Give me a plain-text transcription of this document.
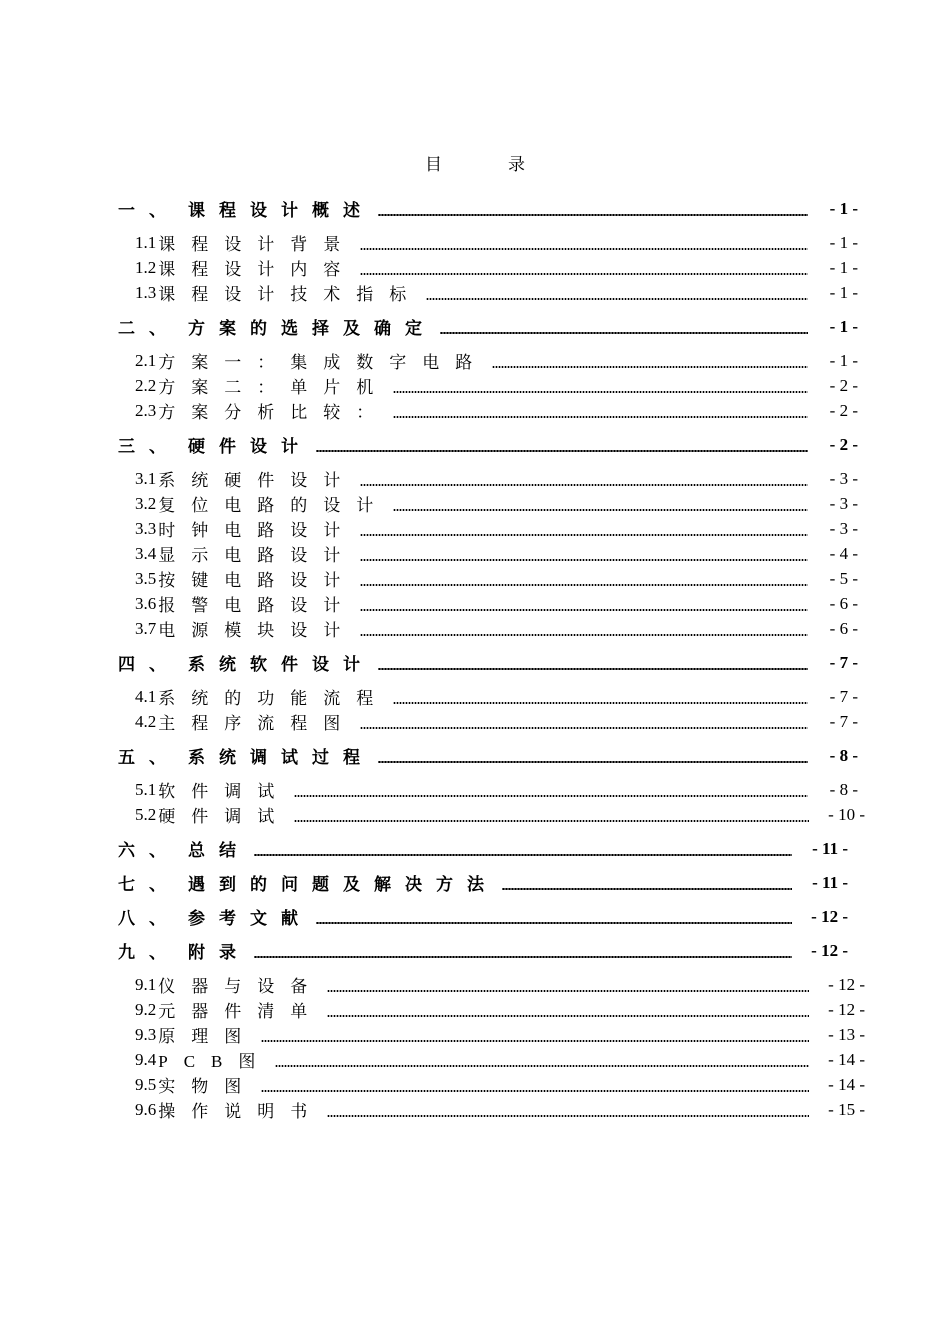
目	录
一、 课程设计概述	- 1 -
1.1 课程设计背景	- 1 -
1.2 课程设计内容	- 1 -
1.3 课程设计技术指标	- 1 -
二、 方案的选择及确定	- 1 -
2.1 方案一：集成数字电路	- 1 -
2.2 方案二：单片机	- 2 -
2.3 方案分析比较：	- 2 -
三、 硬件设计	- 2 -
3.1 系统硬件设计	- 3 -
3.2 复位电路的设计	- 3 -
3.3 时钟电路设计	- 3 -
3.4 显示电路设计	- 4 -
3.5 按键电路设计	- 5 -
3.6 报警电路设计	- 6 -
3.7 电源模块设计	- 6 -
四、 系统软件设计	- 7 -
4.1 系统的功能流程	- 7 -
4.2 主程序流程图	- 7 -
五、 系统调试过程	- 8 -
5.1 软件调试	- 8 -
5.2 硬件调试	- 10 -
六、 总结	- 11 -
七、 遇到的问题及解决方法	- 11 -
八、 参考文献	- 12 -
九、 附录	- 12 -
9.1 仪器与设备	- 12 -
9.2 元器件清单	- 12 -
9.3 原理图	- 13 -
9.4 PCB图	- 14 -
9.5 实物图	- 14 -
9.6 操作说明书	- 15 -
